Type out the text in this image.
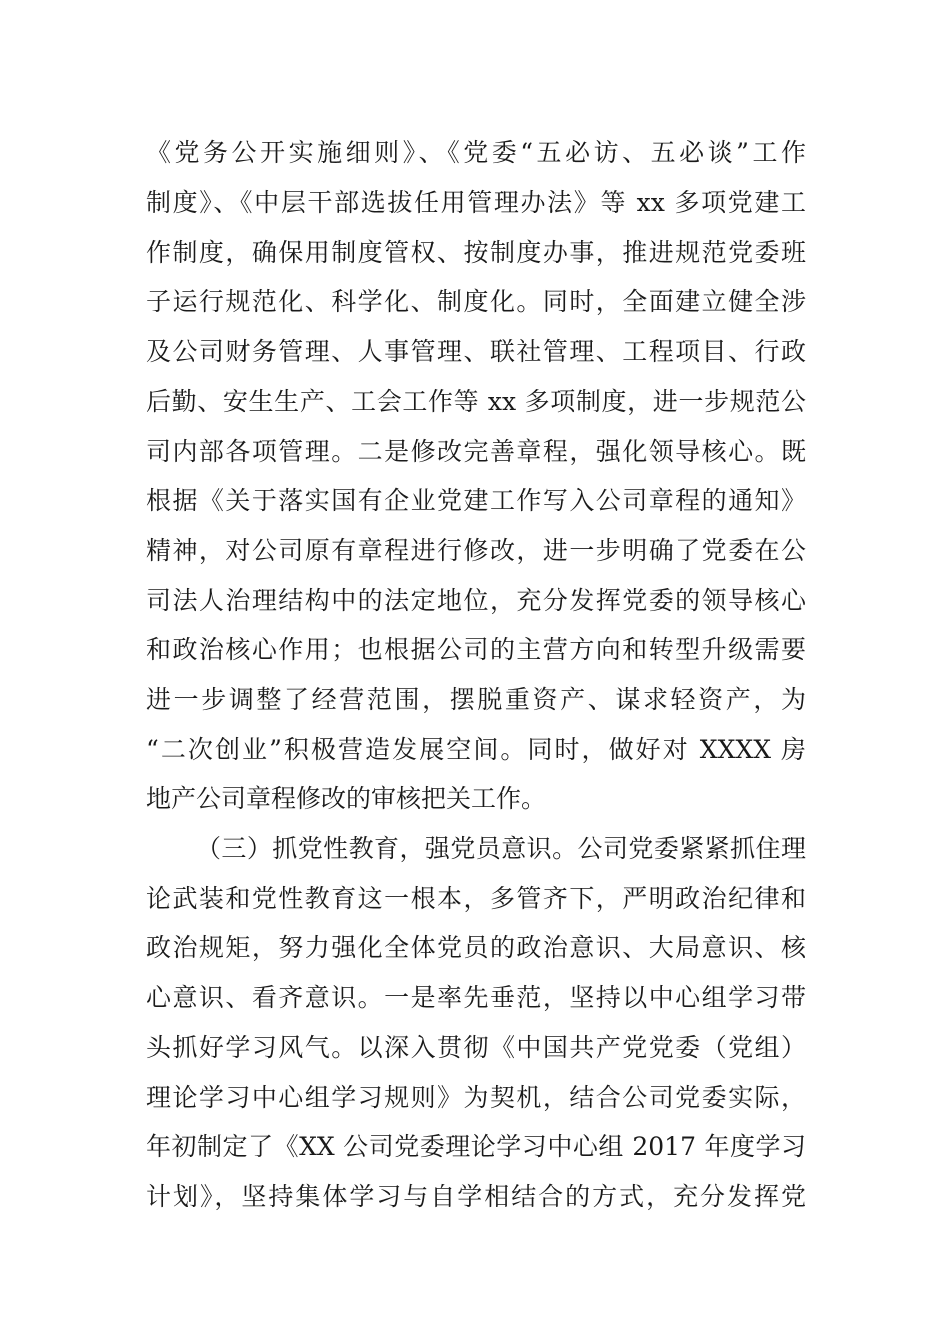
《党务公开实施细则》、《党委“五必访、五必谈”工作
制度》、《中层干部选拔任用管理办法》等 xx 多项党建工
作制度，确保用制度管权、按制度办事，推进规范党委班
子运行规范化、科学化、制度化。同时，全面建立健全涉
及公司财务管理、人事管理、联社管理、工程项目、行政
后勤、安生生产、工会工作等 xx 多项制度，进一步规范公
司内部各项管理。二是修改完善章程，强化领导核心。既
根据《关于落实国有企业党建工作写入公司章程的通知》
精神，对公司原有章程进行修改，进一步明确了党委在公
司法人治理结构中的法定地位，充分发挥党委的领导核心
和政治核心作用；也根据公司的主营方向和转型升级需要
进一步调整了经营范围，摆脱重资产、谋求轻资产，为
“二次创业”积极营造发展空间。同时，做好对 XXXX 房
地产公司章程修改的审核把关工作。
（三）抓党性教育，强党员意识。公司党委紧紧抓住理
论武装和党性教育这一根本，多管齐下，严明政治纪律和
政治规矩，努力强化全体党员的政治意识、大局意识、核
心意识、看齐意识。一是率先垂范，坚持以中心组学习带
头抓好学习风气。以深入贯彻《中国共产党党委（党组）
理论学习中心组学习规则》为契机，结合公司党委实际，
年初制定了《XX 公司党委理论学习中心组 2017 年度学习
计划》，坚持集体学习与自学相结合的方式，充分发挥党
